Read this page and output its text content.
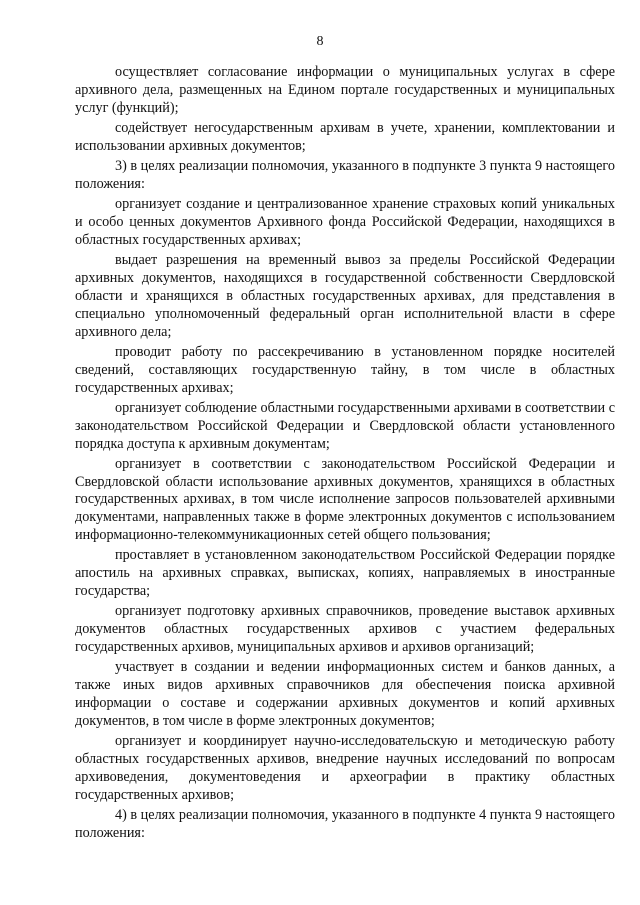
8

осуществляет согласование информации о муниципальных услугах в сфере архивного дела, размещенных на Едином портале государственных и муниципальных услуг (функций);

содействует негосударственным архивам в учете, хранении, комплектовании и использовании архивных документов;

3) в целях реализации полномочия, указанного в подпункте 3 пункта 9 настоящего положения:

организует создание и централизованное хранение страховых копий уникальных и особо ценных документов Архивного фонда Российской Федерации, находящихся в областных государственных архивах;

выдает разрешения на временный вывоз за пределы Российской Федерации архивных документов, находящихся в государственной собственности Свердловской области и хранящихся в областных государственных архивах, для представления в специально уполномоченный федеральный орган исполнительной власти в сфере архивного дела;

проводит работу по рассекречиванию в установленном порядке носителей сведений, составляющих государственную тайну, в том числе в областных государственных архивах;

организует соблюдение областными государственными архивами в соответствии с законодательством Российской Федерации и Свердловской области установленного порядка доступа к архивным документам;

организует в соответствии с законодательством Российской Федерации и Свердловской области использование архивных документов, хранящихся в областных государственных архивах, в том числе исполнение запросов пользователей архивными документами, направленных также в форме электронных документов с использованием информационно-телекоммуникационных сетей общего пользования;

проставляет в установленном законодательством Российской Федерации порядке апостиль на архивных справках, выписках, копиях, направляемых в иностранные государства;

организует подготовку архивных справочников, проведение выставок архивных документов областных государственных архивов с участием федеральных государственных архивов, муниципальных архивов и архивов организаций;

участвует в создании и ведении информационных систем и банков данных, а также иных видов архивных справочников для обеспечения поиска архивной информации о составе и содержании архивных документов и копий архивных документов, в том числе в форме электронных документов;

организует и координирует научно-исследовательскую и методическую работу областных государственных архивов, внедрение научных исследований по вопросам архивоведения, документоведения и археографии в практику областных государственных архивов;

4) в целях реализации полномочия, указанного в подпункте 4 пункта 9 настоящего положения:
